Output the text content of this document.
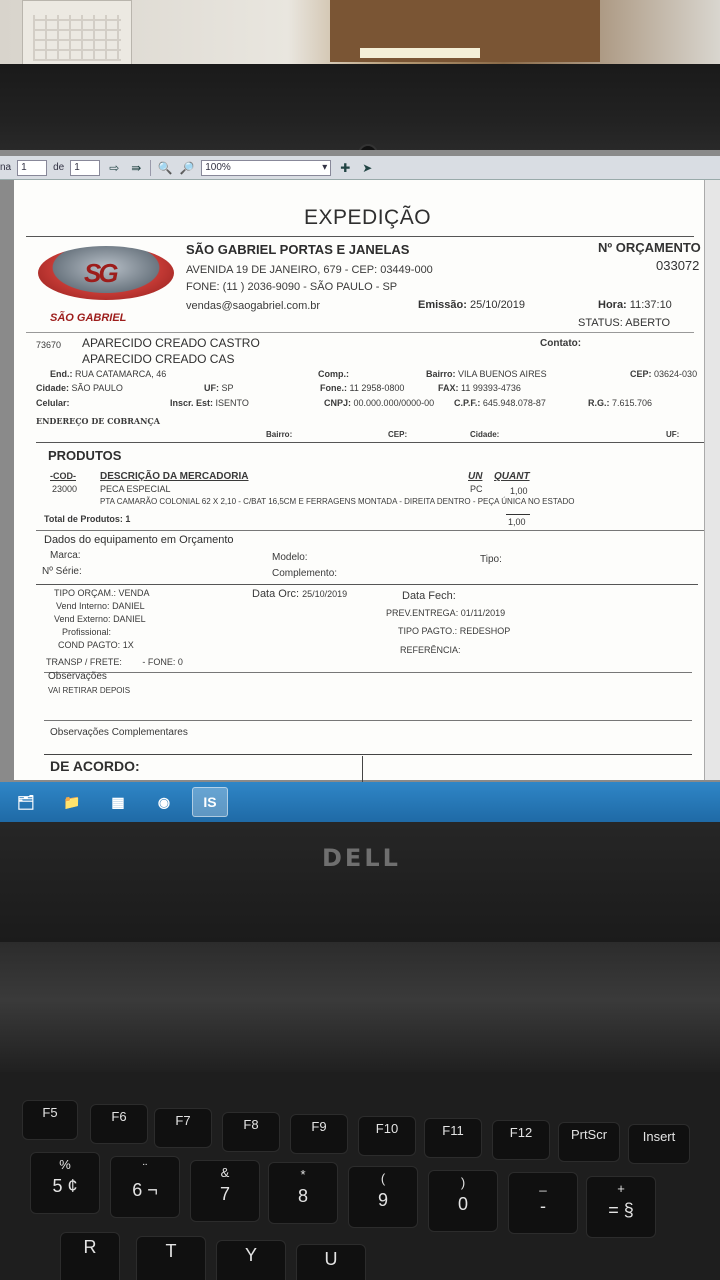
na	1	de	1	⇨ ⇛ 🔍 🔎 100%	▾ ✚ ➤
EXPEDIÇÃO
SG
SÃO GABRIEL
SÃO GABRIEL PORTAS E JANELAS
AVENIDA 19 DE JANEIRO, 679 - CEP: 03449-000
FONE: (11 ) 2036-9090 - SÃO PAULO - SP
vendas@saogabriel.com.br
Nº ORÇAMENTO
033072
Emissão: 25/10/2019	Hora: 11:37:10
STATUS: ABERTO
73670 APARECIDO CREADO CASTRO
APARECIDO CREADO CAS
Contato:
End.: RUA CATAMARCA, 46	Comp.:	Bairro: VILA BUENOS AIRES	CEP: 03624-030
Cidade: SÃO PAULO	UF: SP	Fone.: 11 2958-0800	FAX: 11 99393-4736
Celular:	Inscr. Est: ISENTO	CNPJ: 00.000.000/0000-00 C.P.F.: 645.948.078-87	R.G.: 7.615.706
ENDEREÇO DE COBRANÇA
Bairro:	CEP:	Cidade:	UF:
PRODUTOS
-COD- DESCRIÇÃO DA MERCADORIA	UN QUANT
23000	PECA ESPECIAL	PC	1,00
PTA CAMARÃO COLONIAL 62 X 2,10 - C/BAT 16,5CM E FERRAGENS MONTADA - DIREITA DENTRO - PEÇA ÚNICA NO ESTADO
Total de Produtos: 1	1,00
Dados do equipamento em Orçamento
Marca:	Modelo:	Tipo:
Nº Série:	Complemento:
TIPO ORÇAM.: VENDA	Data Orc: 25/10/2019	Data Fech:
Vend Interno: DANIEL
PREV.ENTREGA: 01/11/2019
Vend Externo: DANIEL
Profissional:	TIPO PAGTO.: REDESHOP
COND PAGTO: 1X	REFERÊNCIA:
TRANSP / FRETE: - FONE: 0
Observações
VAI RETIRAR DEPOIS
Observações Complementares
DE ACORDO:
🗂	📁	▦	◉	IS
DELL
F5	F6	F7	F8	F9	F10	F11	F12	PrtScr	Insert
%
5 ¢
¨
6 ¬
&
7
*
8
(
9
)
0
_
-
+
= §
R	T	Y	U
